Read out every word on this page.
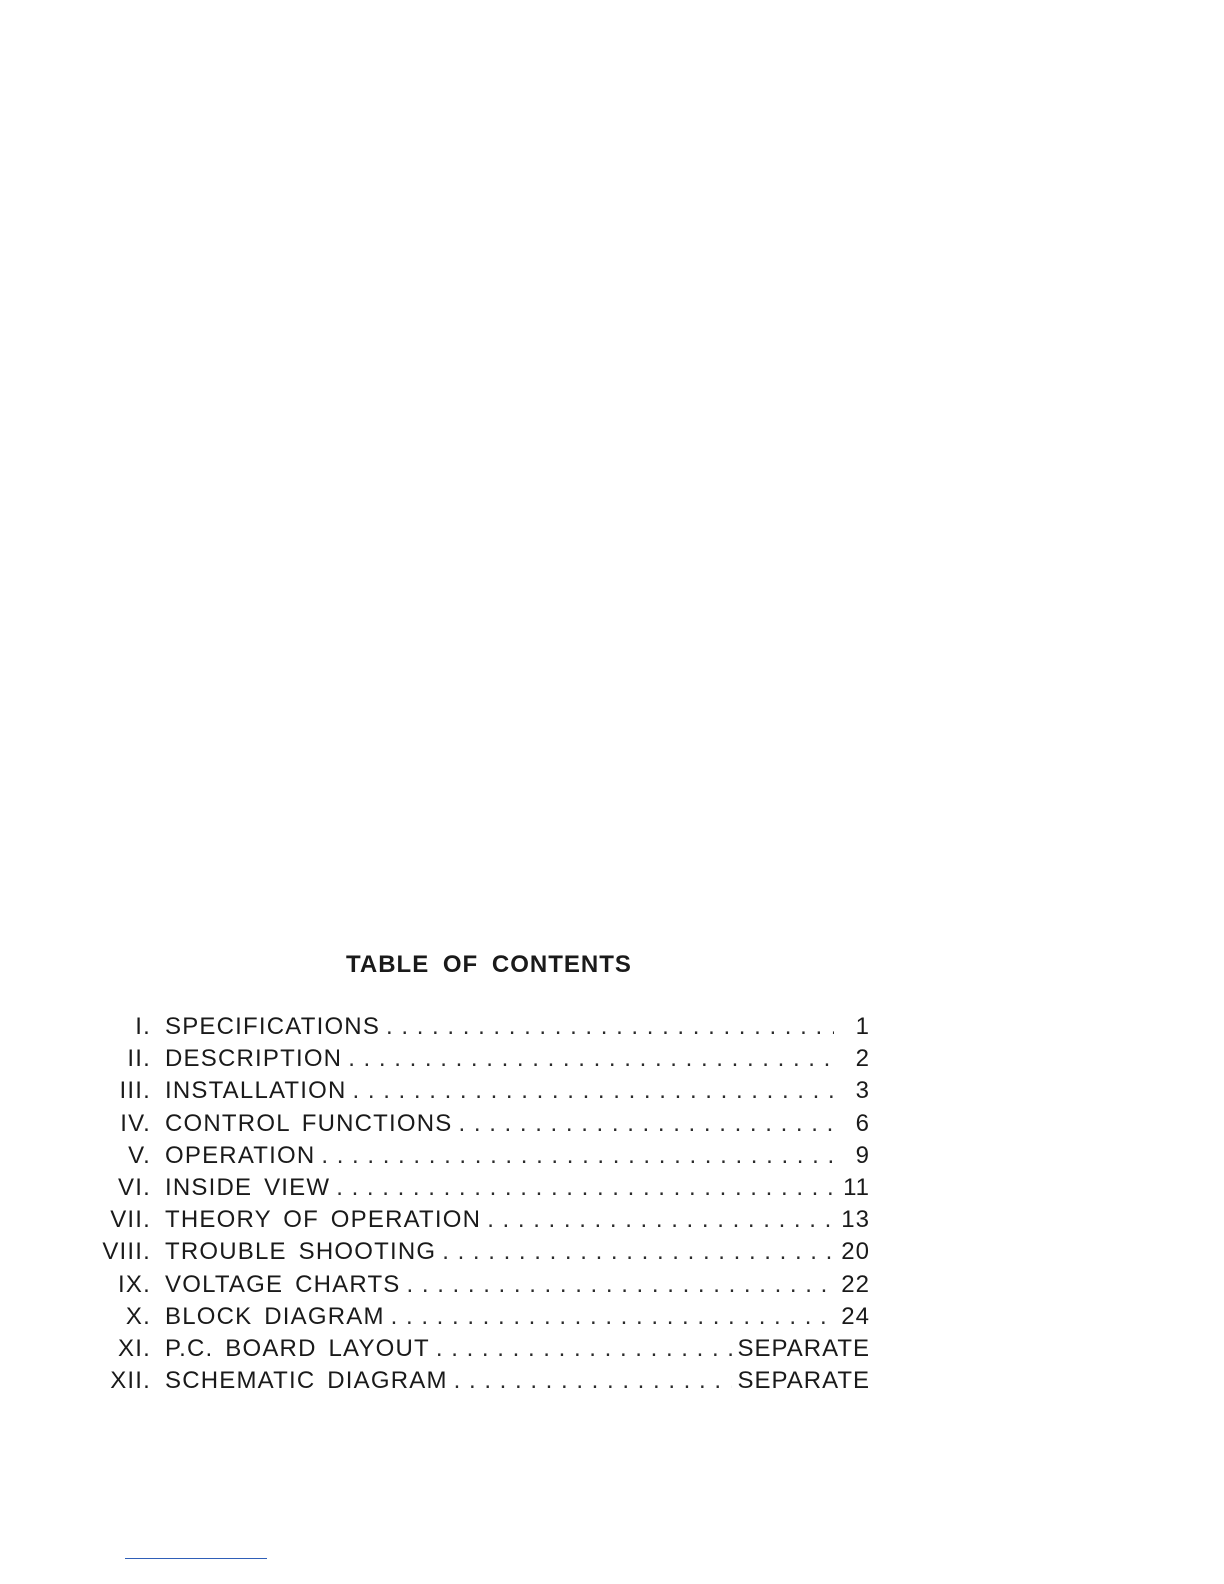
TABLE OF CONTENTS
I. SPECIFICATIONS . . .	1
II. DESCRIPTION . . .	2
III. INSTALLATION . . .	3
IV. CONTROL FUNCTIONS . . .	6
V. OPERATION . . .	9
VI. INSIDE VIEW . . .	11
VII. THEORY OF OPERATION . . .	13
VIII. TROUBLE SHOOTING . . .	20
IX. VOLTAGE CHARTS . . .	22
X. BLOCK DIAGRAM . . .	24
XI. P.C. BOARD LAYOUT . . .	SEPARATE
XII. SCHEMATIC DIAGRAM . . .	SEPARATE
